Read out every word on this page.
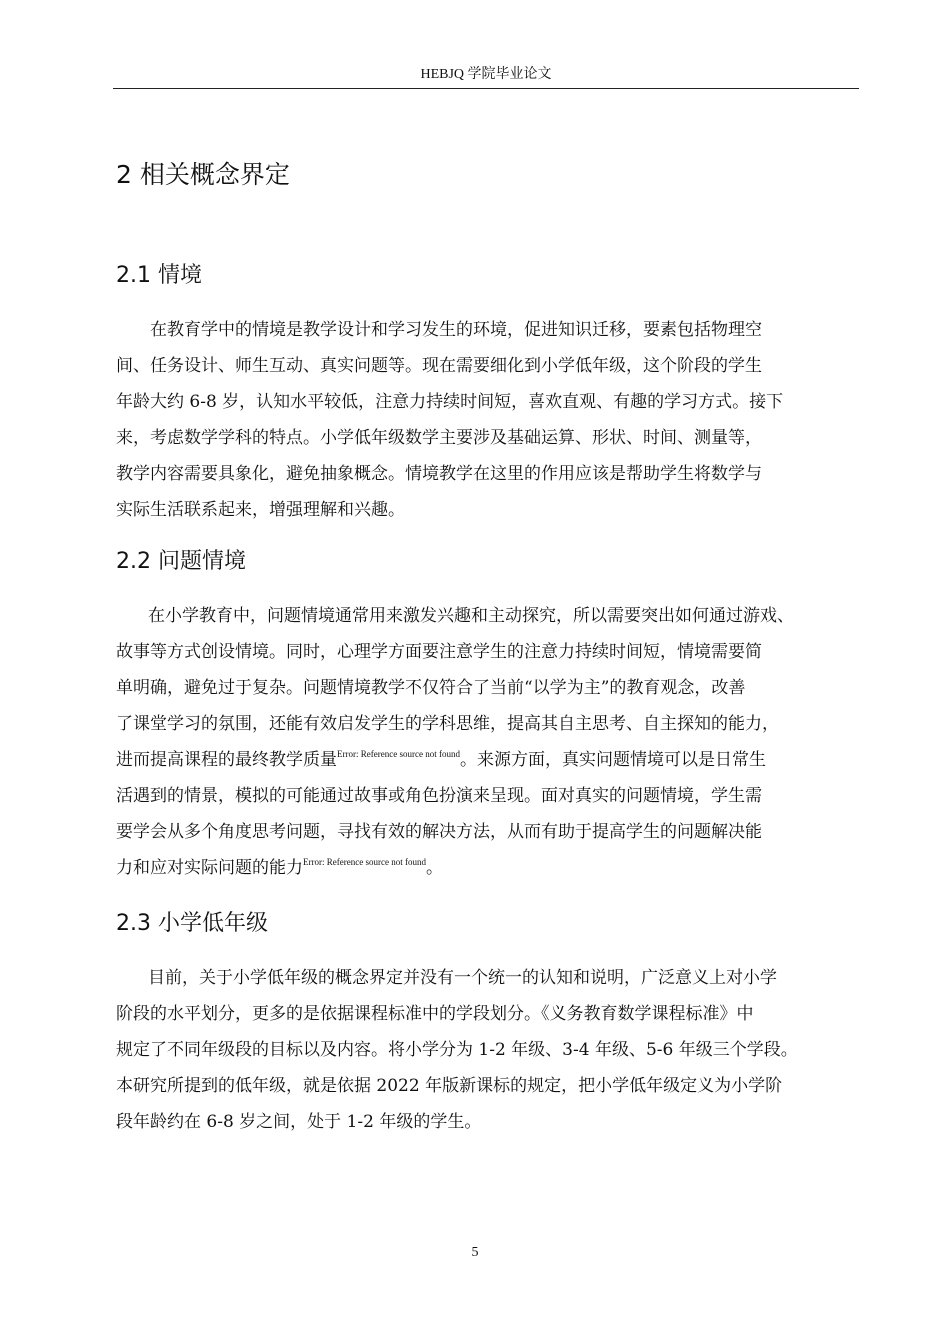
HEBJQ 学院毕业论文
2 相关概念界定
2.1 情境
在教育学中的情境是教学设计和学习发生的环境，促进知识迁移，要素包括物理空
间、任务设计、师生互动、真实问题等。现在需要细化到小学低年级，这个阶段的学生
年龄大约 6-8 岁，认知水平较低，注意力持续时间短，喜欢直观、有趣的学习方式。接下
来，考虑数学学科的特点。小学低年级数学主要涉及基础运算、形状、时间、测量等，
教学内容需要具象化，避免抽象概念。情境教学在这里的作用应该是帮助学生将数学与
实际生活联系起来，增强理解和兴趣。
2.2 问题情境
在小学教育中，问题情境通常用来激发兴趣和主动探究，所以需要突出如何通过游戏、
故事等方式创设情境。同时，心理学方面要注意学生的注意力持续时间短，情境需要简
单明确，避免过于复杂。问题情境教学不仅符合了当前“以学为主”的教育观念，改善
了课堂学习的氛围，还能有效启发学生的学科思维，提高其自主思考、自主探知的能力，
进而提高课程的最终教学质量$^{Error: Reference source not found}$。来源方面，真实问题情境可以是日常生
活遇到的情景，模拟的可能通过故事或角色扮演来呈现。面对真实的问题情境，学生需
要学会从多个角度思考问题，寻找有效的解决方法，从而有助于提高学生的问题解决能
力和应对实际问题的能力$^{Error: Reference source not found}$。
2.3 小学低年级
目前，关于小学低年级的概念界定并没有一个统一的认知和说明，广泛意义上对小学
阶段的水平划分，更多的是依据课程标准中的学段划分。《义务教育数学课程标准》中
规定了不同年级段的目标以及内容。将小学分为 1-2 年级、3-4 年级、5-6 年级三个学段。
本研究所提到的低年级，就是依据 2022 年版新课标的规定，把小学低年级定义为小学阶
段年龄约在 6-8 岁之间，处于 1-2 年级的学生。
5
